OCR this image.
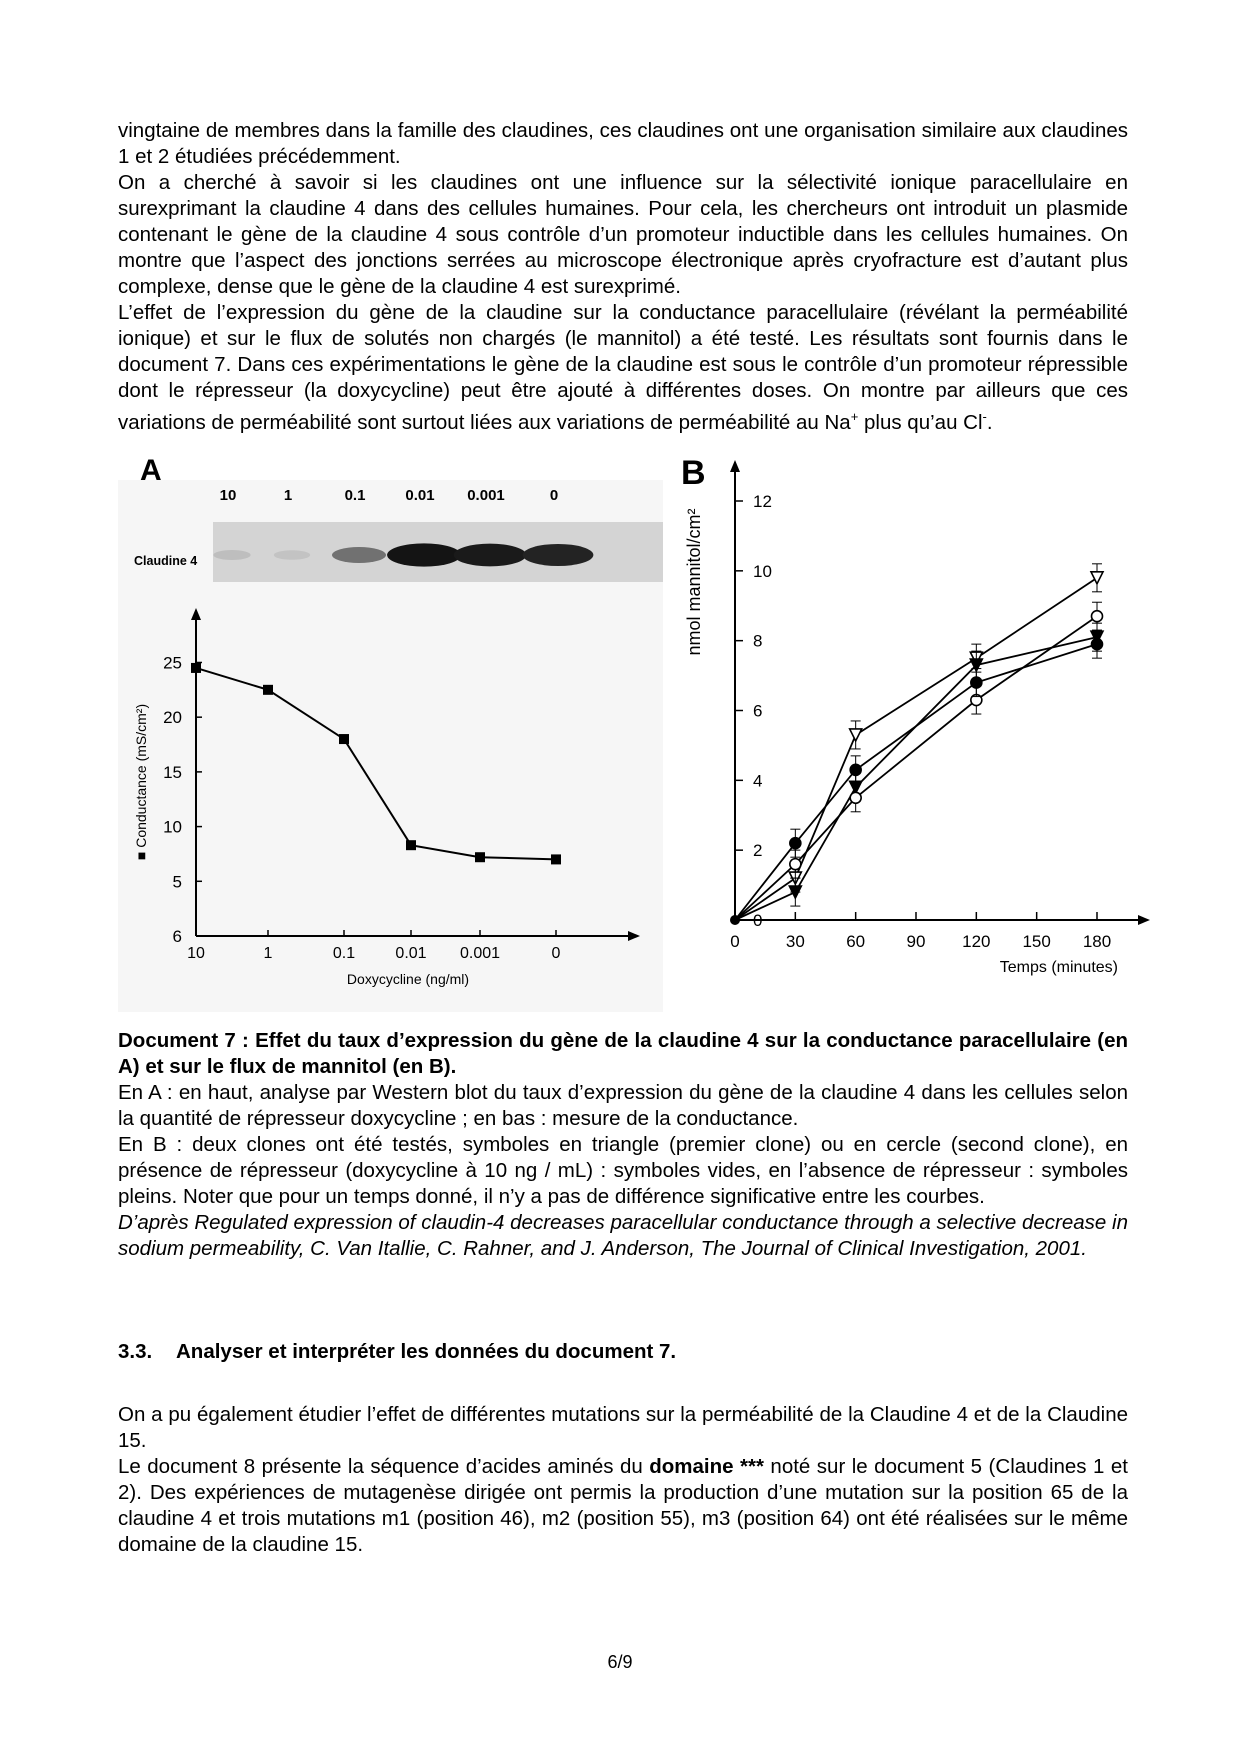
vingtaine de membres dans la famille des claudines, ces claudines ont une organisation similaire aux claudines 1 et 2 étudiées précédemment.

On a cherché à savoir si les claudines ont une influence sur la sélectivité ionique paracellulaire en surexprimant la claudine 4 dans des cellules humaines. Pour cela, les chercheurs ont introduit un plasmide contenant le gène de la claudine 4 sous contrôle d’un promoteur inductible dans les cellules humaines. On montre que l’aspect des jonctions serrées au microscope électronique après cryofracture est d’autant plus complexe, dense que le gène de la claudine 4 est surexprimé.

L’effet de l’expression du gène de la claudine sur la conductance paracellulaire (révélant la perméabilité ionique) et sur le flux de solutés non chargés (le mannitol) a été testé. Les résultats sont fournis dans le document 7. Dans ces expérimentations le gène de la claudine est sous le contrôle d’un promoteur répressible dont le répresseur (la doxycycline) peut être ajouté à différentes doses. On montre par ailleurs que ces variations de perméabilité sont surtout liées aux variations de perméabilité au Na+ plus qu’au Cl-.

A	B
10	1	0.1	0.01 0.001	0
Claudine 4
25
20
15
10
5
6
10	1	0.1	0.01 0.001	0
Doxycycline (ng/ml)
■ Conductance (mS/cm²)
0
2
4
6
8
10
12
0	30 60 90 120 150 180
Temps (minutes)
nmol mannitol/cm²

Document 7 : Effet du taux d’expression du gène de la claudine 4 sur la conductance paracellulaire (en A) et sur le flux de mannitol (en B).

En A : en haut, analyse par Western blot du taux d’expression du gène de la claudine 4 dans les cellules selon la quantité de répresseur doxycycline ; en bas : mesure de la conductance.

En B : deux clones ont été testés, symboles en triangle (premier clone) ou en cercle (second clone), en présence de répresseur (doxycycline à 10 ng / mL) : symboles vides, en l’absence de répresseur : symboles pleins. Noter que pour un temps donné, il n’y a pas de différence significative entre les courbes.

D’après Regulated expression of claudin-4 decreases paracellular conductance through a selective decrease in sodium permeability, C. Van Itallie, C. Rahner, and J. Anderson, The Journal of Clinical Investigation, 2001.

3.3. Analyser et interpréter les données du document 7.

On a pu également étudier l’effet de différentes mutations sur la perméabilité de la Claudine 4 et de la Claudine 15.

Le document 8 présente la séquence d’acides aminés du domaine *** noté sur le document 5 (Claudines 1 et 2). Des expériences de mutagenèse dirigée ont permis la production d’une mutation sur la position 65 de la claudine 4 et trois mutations m1 (position 46), m2 (position 55), m3 (position 64) ont été réalisées sur le même domaine de la claudine 15.

6/9
